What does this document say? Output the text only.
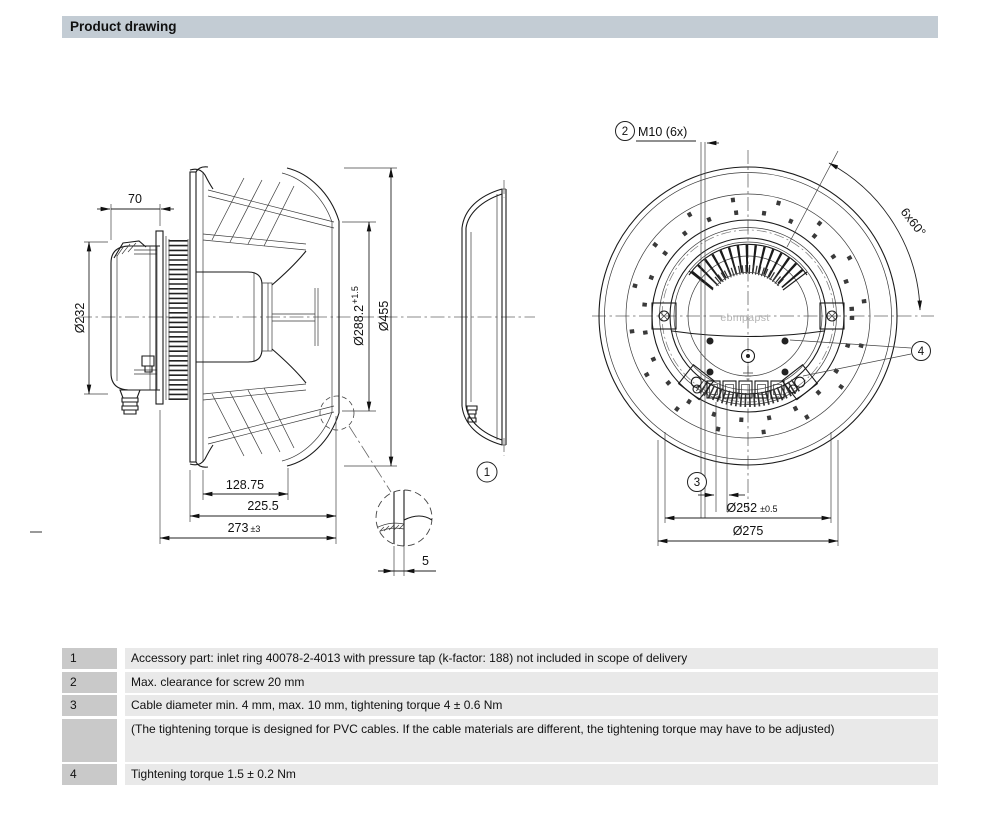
Product drawing
70
Ø232	$Ø288.2^{+1.5}$
Ø455
128.75
225.5
273 ±3
5
1
ebmpapst
2 M10 (6x)
6x60°
3
4
Ø252 ±0.5
Ø275
1	Accessory part: inlet ring 40078-2-4013 with pressure tap (k-factor: 188) not included in scope of delivery
2	Max. clearance for screw 20 mm
3	Cable diameter min. 4 mm, max. 10 mm, tightening torque 4 ± 0.6 Nm
(The tightening torque is designed for PVC cables. If the cable materials are different, the tightening torque may have to be adjusted)
4	Tightening torque 1.5 ± 0.2 Nm
